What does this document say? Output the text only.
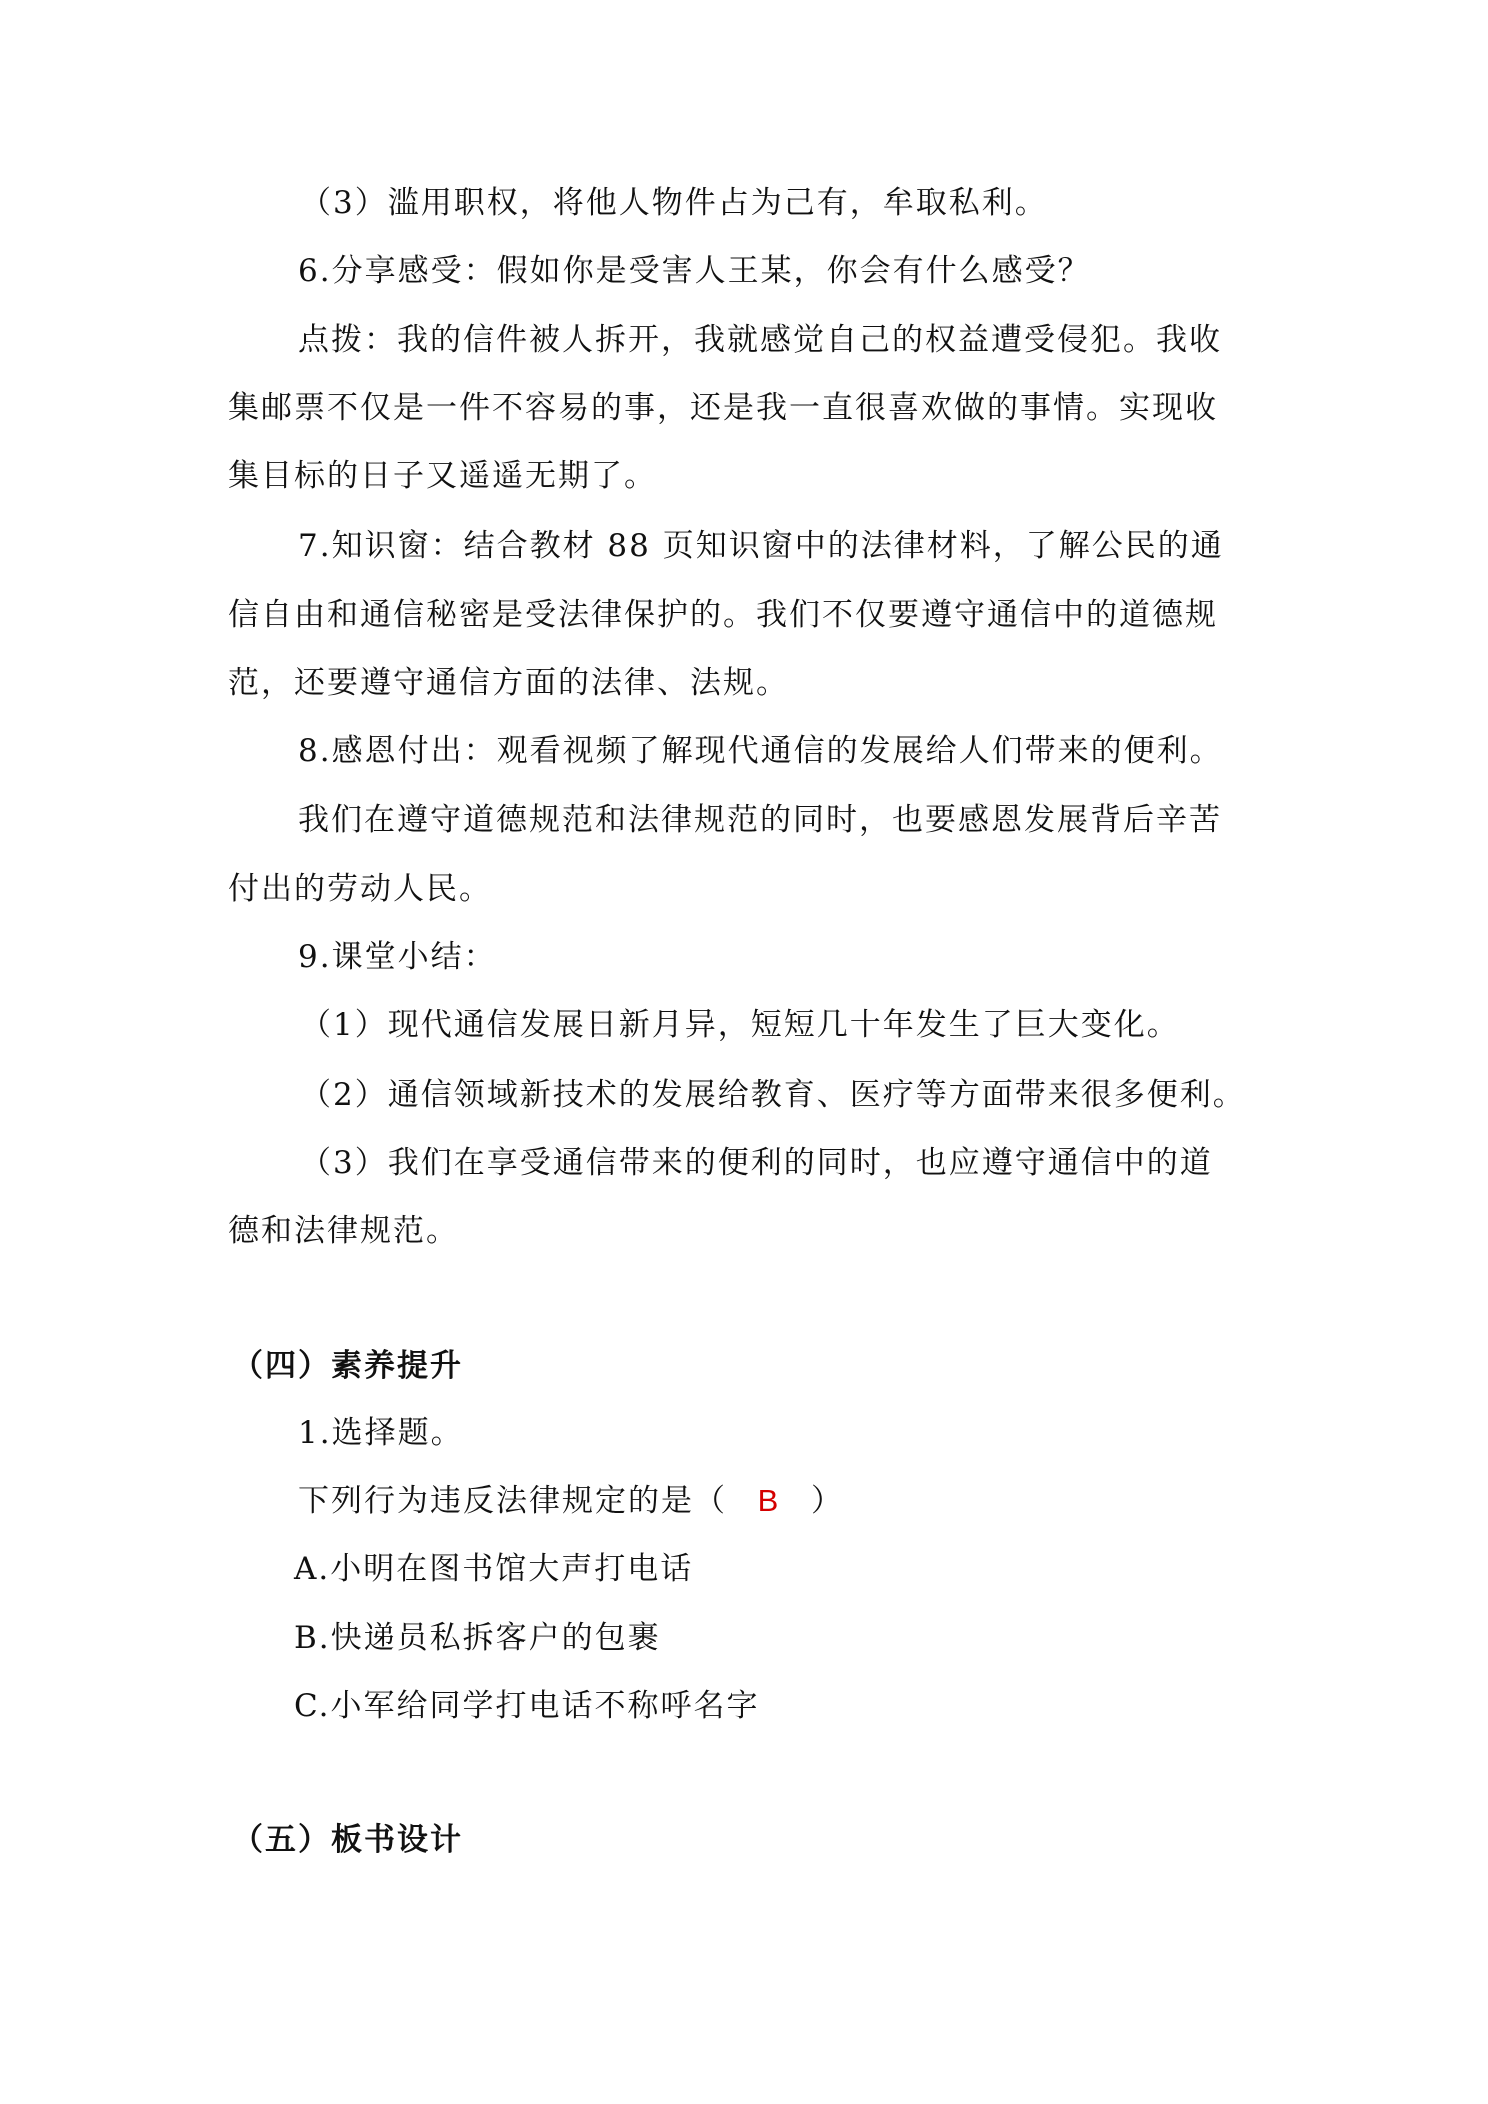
（3）滥用职权，将他人物件占为己有，牟取私利。
6.分享感受：假如你是受害人王某，你会有什么感受？
点拨：我的信件被人拆开，我就感觉自己的权益遭受侵犯。我收
集邮票不仅是一件不容易的事，还是我一直很喜欢做的事情。实现收
集目标的日子又遥遥无期了。
7.知识窗：结合教材 88 页知识窗中的法律材料，了解公民的通
信自由和通信秘密是受法律保护的。我们不仅要遵守通信中的道德规
范，还要遵守通信方面的法律、法规。
8.感恩付出：观看视频了解现代通信的发展给人们带来的便利。
我们在遵守道德规范和法律规范的同时，也要感恩发展背后辛苦
付出的劳动人民。
9.课堂小结：
（1）现代通信发展日新月异，短短几十年发生了巨大变化。
（2）通信领域新技术的发展给教育、医疗等方面带来很多便利。
（3）我们在享受通信带来的便利的同时，也应遵守通信中的道
德和法律规范。
（四）素养提升
1.选择题。
下列行为违反法律规定的是（ B ）
A.小明在图书馆大声打电话
B.快递员私拆客户的包裹
C.小军给同学打电话不称呼名字
（五）板书设计
